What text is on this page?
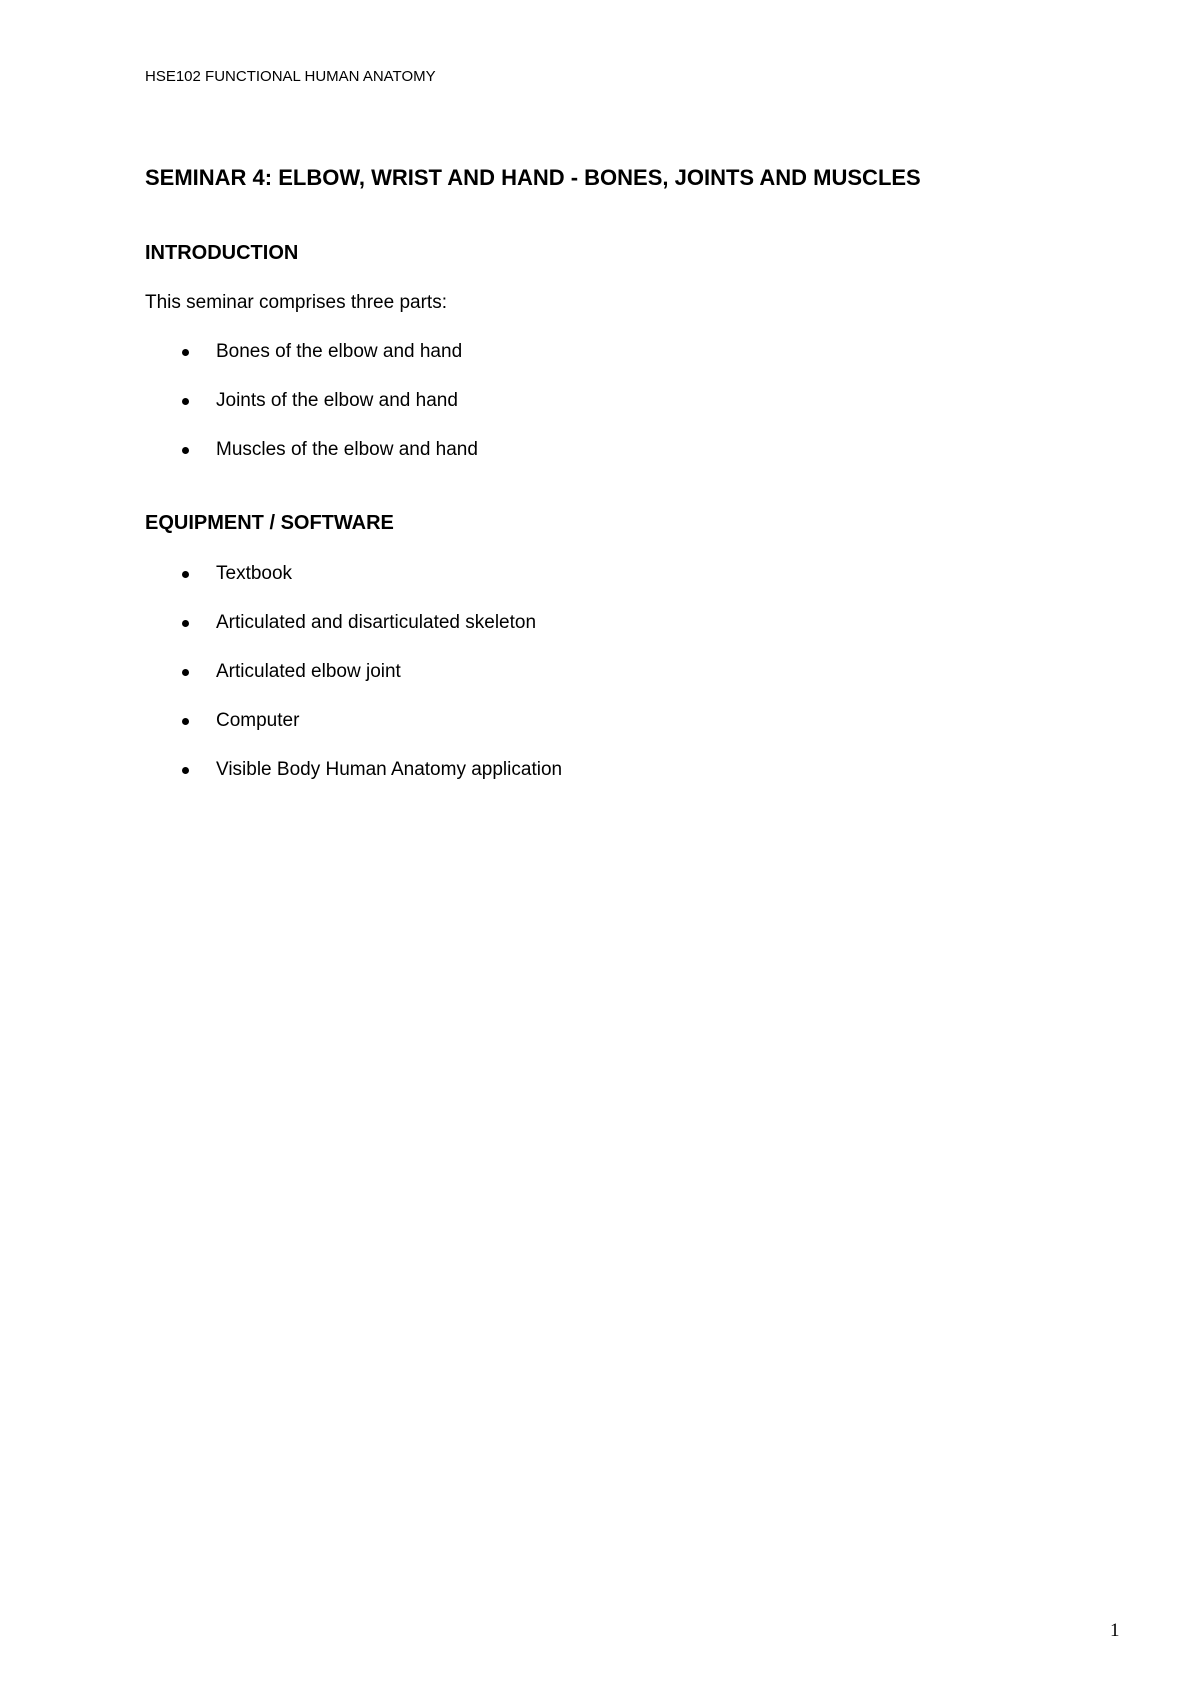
HSE102 FUNCTIONAL HUMAN ANATOMY
SEMINAR 4: ELBOW, WRIST AND HAND - BONES, JOINTS AND MUSCLES
INTRODUCTION

This seminar comprises three parts:

Bones of the elbow and hand
Joints of the elbow and hand
Muscles of the elbow and hand
EQUIPMENT / SOFTWARE
Textbook
Articulated and disarticulated skeleton
Articulated elbow joint
Computer
Visible Body Human Anatomy application
1
